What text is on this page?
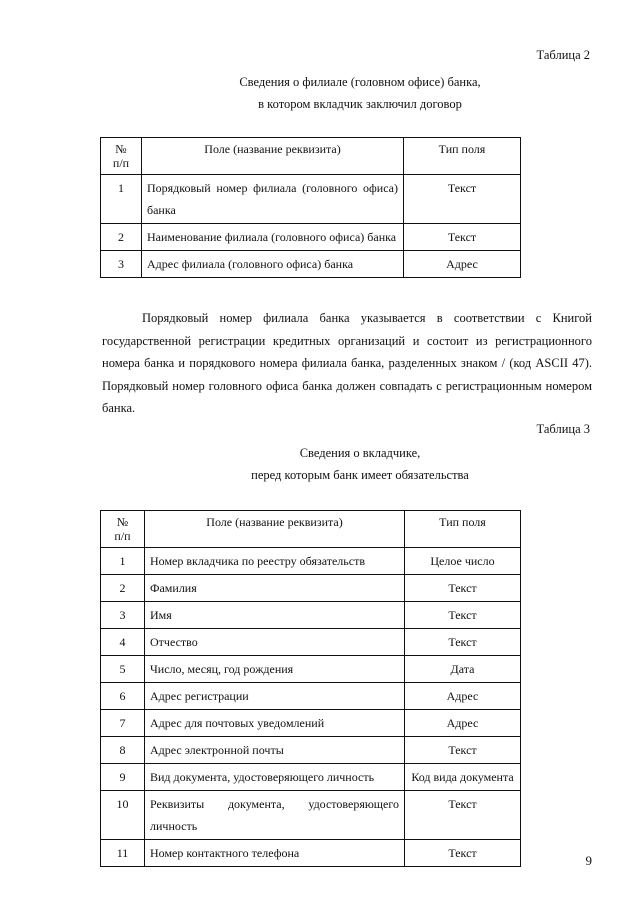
Таблица 2
Сведения о филиале (головном офисе) банка,
в котором вкладчик заключил договор
№
п/п	Поле (название реквизита)	Тип поля
1	Порядковый номер филиала (головного офиса) банка	Текст
2	Наименование филиала (головного офиса) банка	Текст
3	Адрес филиала (головного офиса) банка	Адрес
Порядковый номер филиала банка указывается в соответствии с Книгой государственной регистрации кредитных организаций и состоит из регистрационного номера банка и порядкового номера филиала банка, разделенных знаком / (код ASCII 47). Порядковый номер головного офиса банка должен совпадать с регистрационным номером банка.
Таблица 3
Сведения о вкладчике,
перед которым банк имеет обязательства
№
п/п	Поле (название реквизита)	Тип поля
1	Номер вкладчика по реестру обязательств	Целое число
2	Фамилия	Текст
3	Имя	Текст
4	Отчество	Текст
5	Число, месяц, год рождения	Дата
6	Адрес регистрации	Адрес
7	Адрес для почтовых уведомлений	Адрес
8	Адрес электронной почты	Текст
9	Вид документа, удостоверяющего личность	Код вида документа
10	Реквизиты документа, удостоверяющего личность	Текст
11	Номер контактного телефона	Текст	9
